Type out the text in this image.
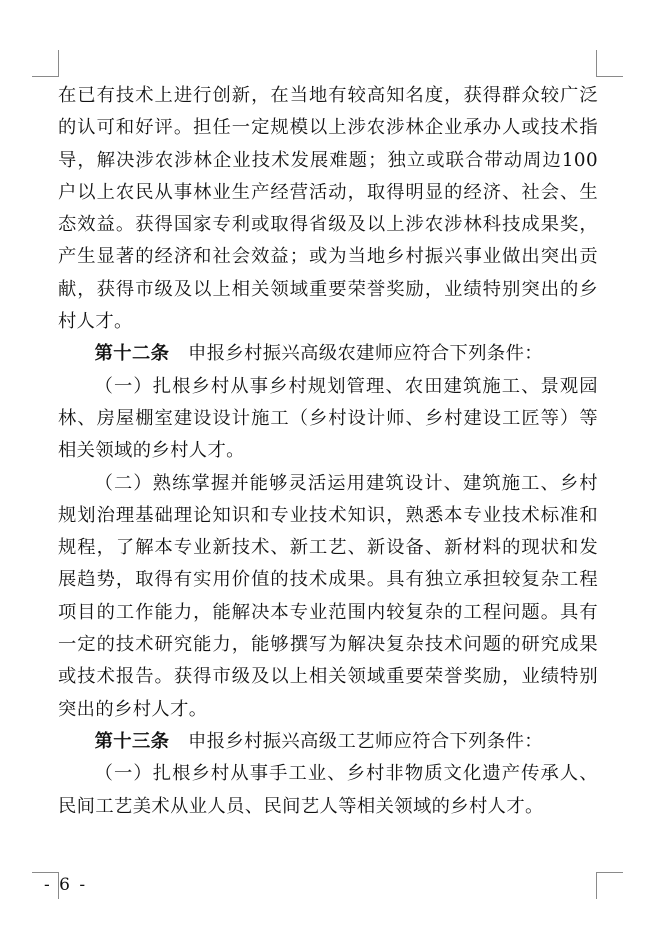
在已有技术上进行创新，在当地有较高知名度，获得群众较广泛的认可和好评。担任一定规模以上涉农涉林企业承办人或技术指导，解决涉农涉林企业技术发展难题；独立或联合带动周边100户以上农民从事林业生产经营活动，取得明显的经济、社会、生态效益。获得国家专利或取得省级及以上涉农涉林科技成果奖，产生显著的经济和社会效益；或为当地乡村振兴事业做出突出贡献，获得市级及以上相关领域重要荣誉奖励，业绩特别突出的乡村人才。

第十二条　 申报乡村振兴高级农建师应符合下列条件：

（一）扎根乡村从事乡村规划管理、农田建筑施工、景观园林、房屋棚室建设设计施工（乡村设计师、乡村建设工匠等）等相关领域的乡村人才。

（二）熟练掌握并能够灵活运用建筑设计、建筑施工、乡村规划治理基础理论知识和专业技术知识，熟悉本专业技术标准和规程，了解本专业新技术、新工艺、新设备、新材料的现状和发展趋势，取得有实用价值的技术成果。具有独立承担较复杂工程项目的工作能力，能解决本专业范围内较复杂的工程问题。具有一定的技术研究能力，能够撰写为解决复杂技术问题的研究成果或技术报告。获得市级及以上相关领域重要荣誉奖励，业绩特别突出的乡村人才。

第十三条　 申报乡村振兴高级工艺师应符合下列条件：

（一）扎根乡村从事手工业、乡村非物质文化遗产传承人、民间工艺美术从业人员、民间艺人等相关领域的乡村人才。

- 6 -
